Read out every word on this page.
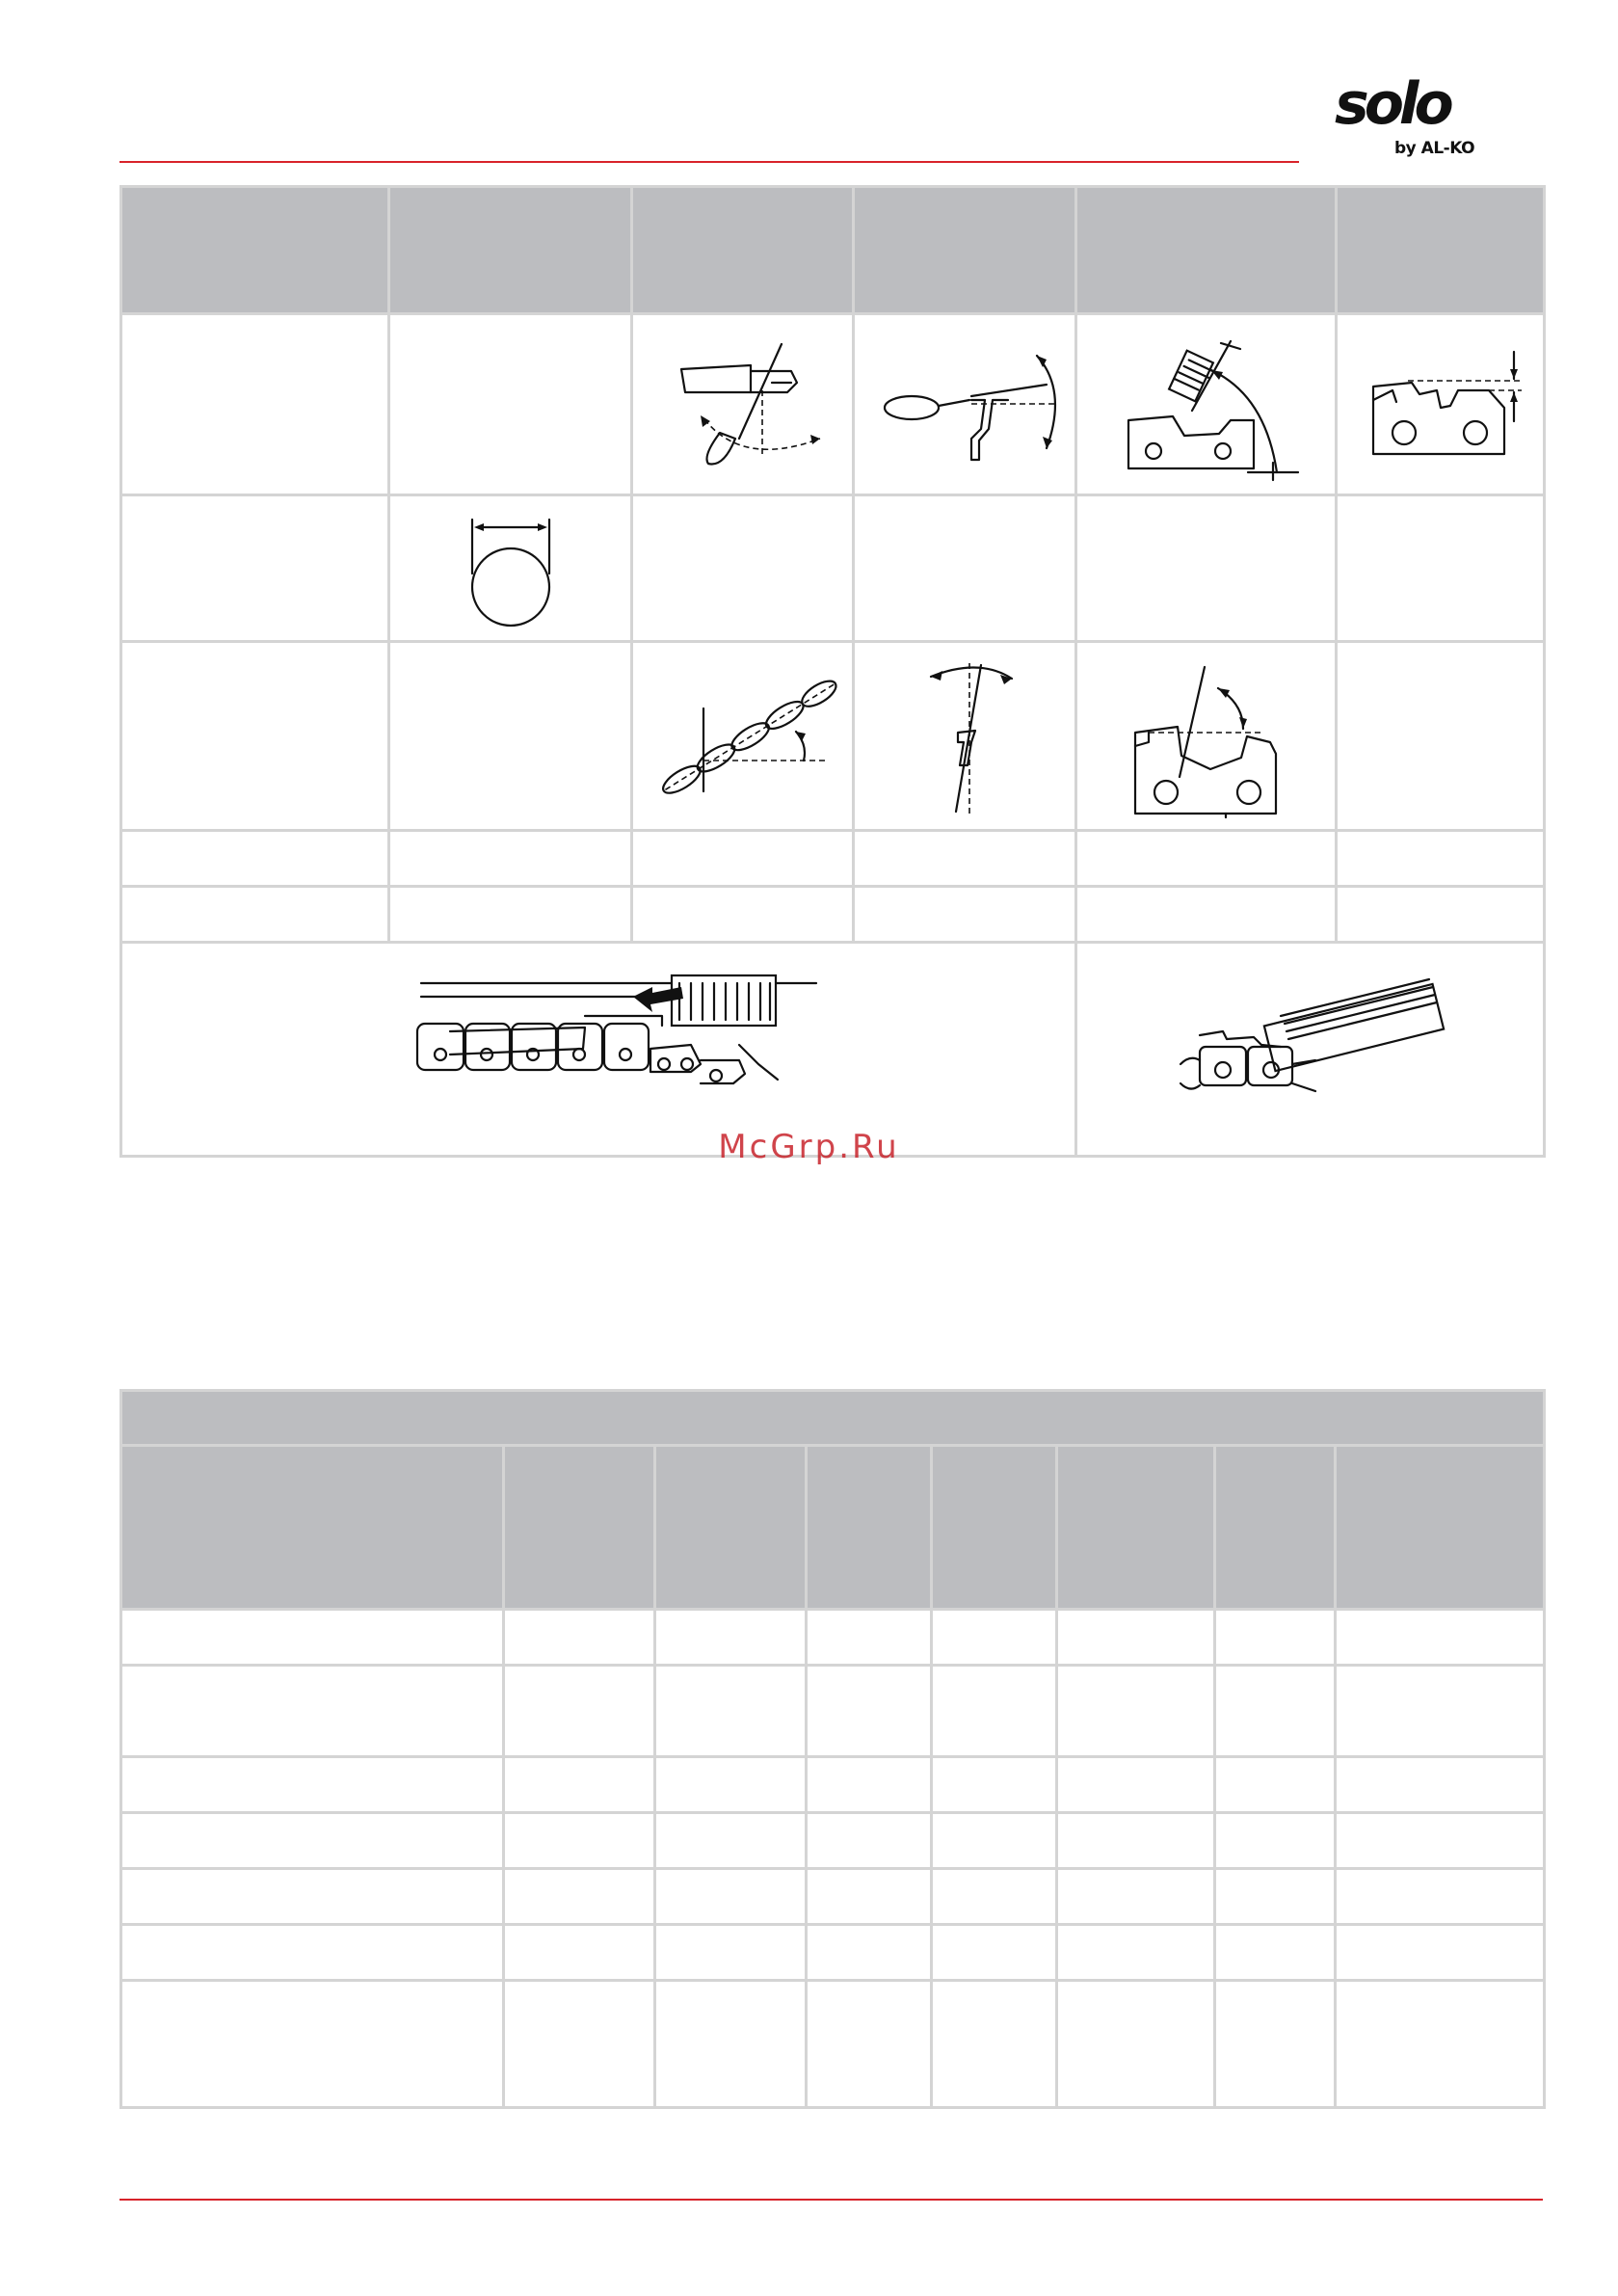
solo
by AL-KO

McGrp.Ru
